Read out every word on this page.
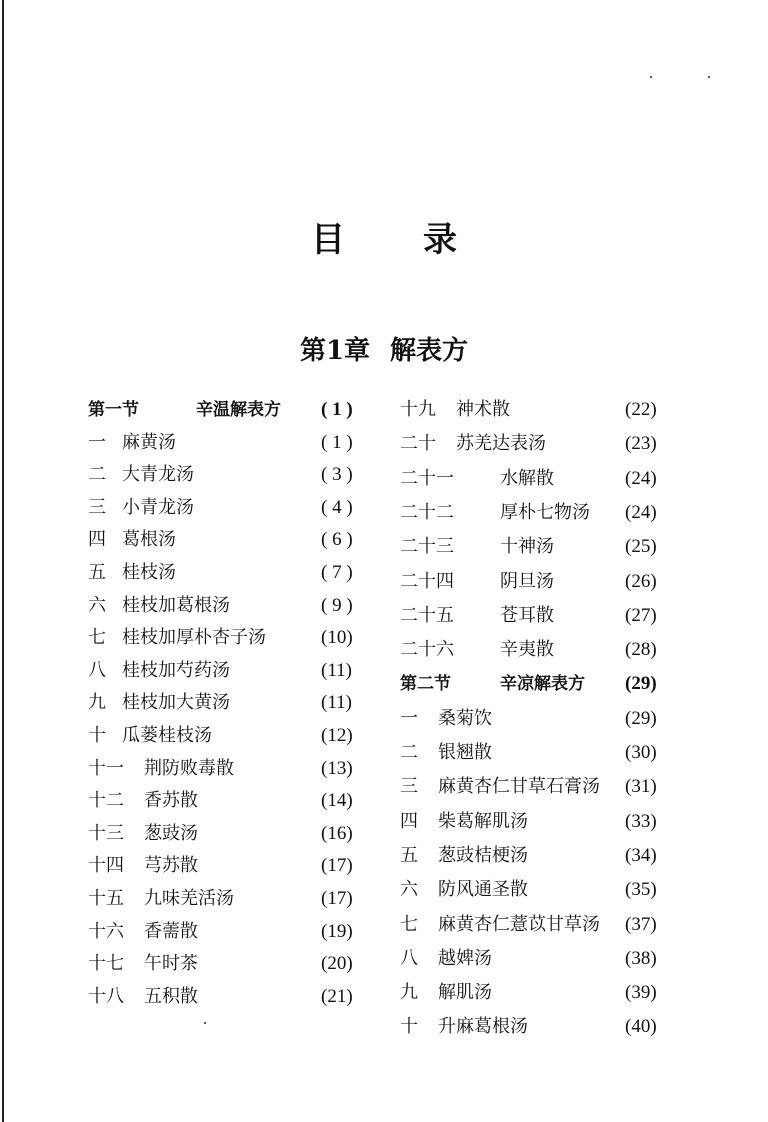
目录
第1章 解表方
第一节	辛温解表方 ( 1 )
一 麻黄汤	( 1 )
二 大青龙汤	( 3 )
三 小青龙汤	( 4 )
四 葛根汤	( 6 )
五 桂枝汤	( 7 )
六 桂枝加葛根汤	( 9 )
七 桂枝加厚朴杏子汤	(10)
八 桂枝加芍药汤	(11)
九 桂枝加大黄汤	(11)
十 瓜蒌桂枝汤	(12)
十一 荆防败毒散	(13)
十二 香苏散	(14)
十三 葱豉汤	(16)
十四 芎苏散	(17)
十五 九味羌活汤	(17)
十六 香薷散	(19)
十七 午时茶	(20)
十八 五积散	(21)
十九 神术散	(22)
二十 苏羌达表汤	(23)
二十一	水解散	(24)
二十二	厚朴七物汤 (24)
二十三	十神汤	(25)
二十四	阴旦汤	(26)
二十五	苍耳散	(27)
二十六	辛夷散	(28)
第二节	辛凉解表方 (29)
一 桑菊饮	(29)
二 银翘散	(30)
三 麻黄杏仁甘草石膏汤 (31)
四 柴葛解肌汤	(33)
五 葱豉桔梗汤	(34)
六 防风通圣散	(35)
七 麻黄杏仁薏苡甘草汤 (37)
八 越婢汤	(38)
九 解肌汤	(39)
十 升麻葛根汤	(40)
